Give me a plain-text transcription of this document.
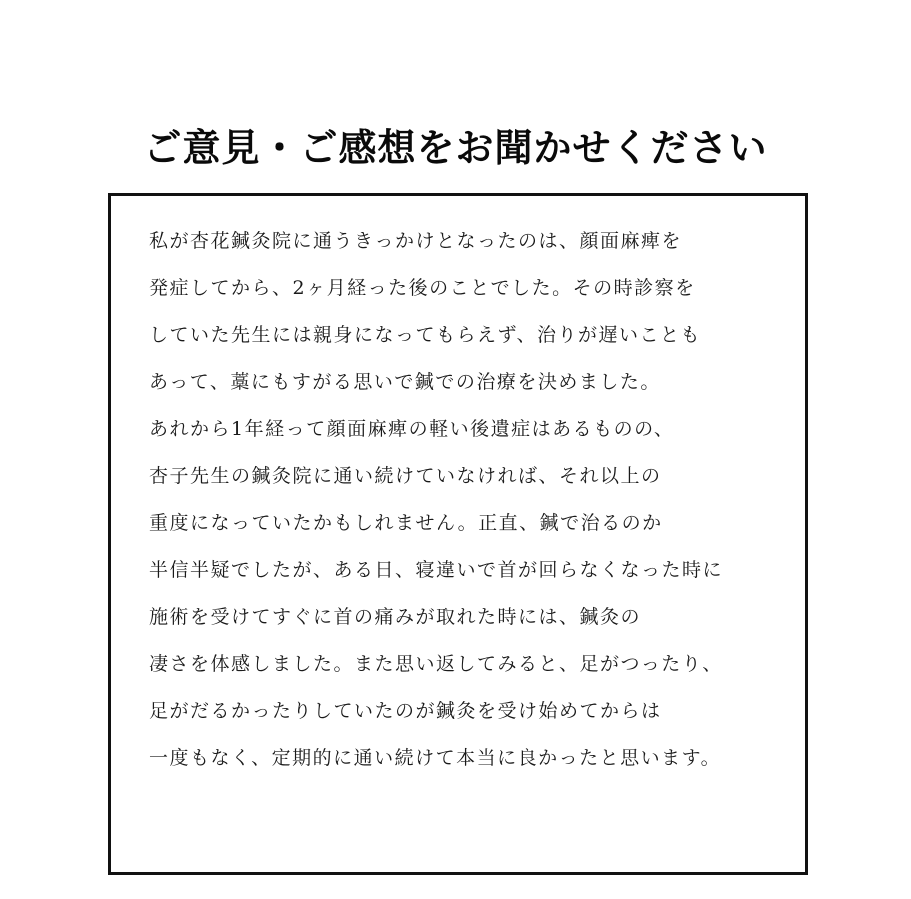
ご意見・ご感想をお聞かせください
私が杏花鍼灸院に通うきっかけとなったのは、顔面麻痺を
発症してから、2ヶ月経った後のことでした。その時診察を
していた先生には親身になってもらえず、治りが遅いことも
あって、藁にもすがる思いで鍼での治療を決めました。
あれから1年経って顔面麻痺の軽い後遺症はあるものの、
杏子先生の鍼灸院に通い続けていなければ、それ以上の
重度になっていたかもしれません。正直、鍼で治るのか
半信半疑でしたが、ある日、寝違いで首が回らなくなった時に
施術を受けてすぐに首の痛みが取れた時には、鍼灸の
凄さを体感しました。また思い返してみると、足がつったり、
足がだるかったりしていたのが鍼灸を受け始めてからは
一度もなく、定期的に通い続けて本当に良かったと思います。
